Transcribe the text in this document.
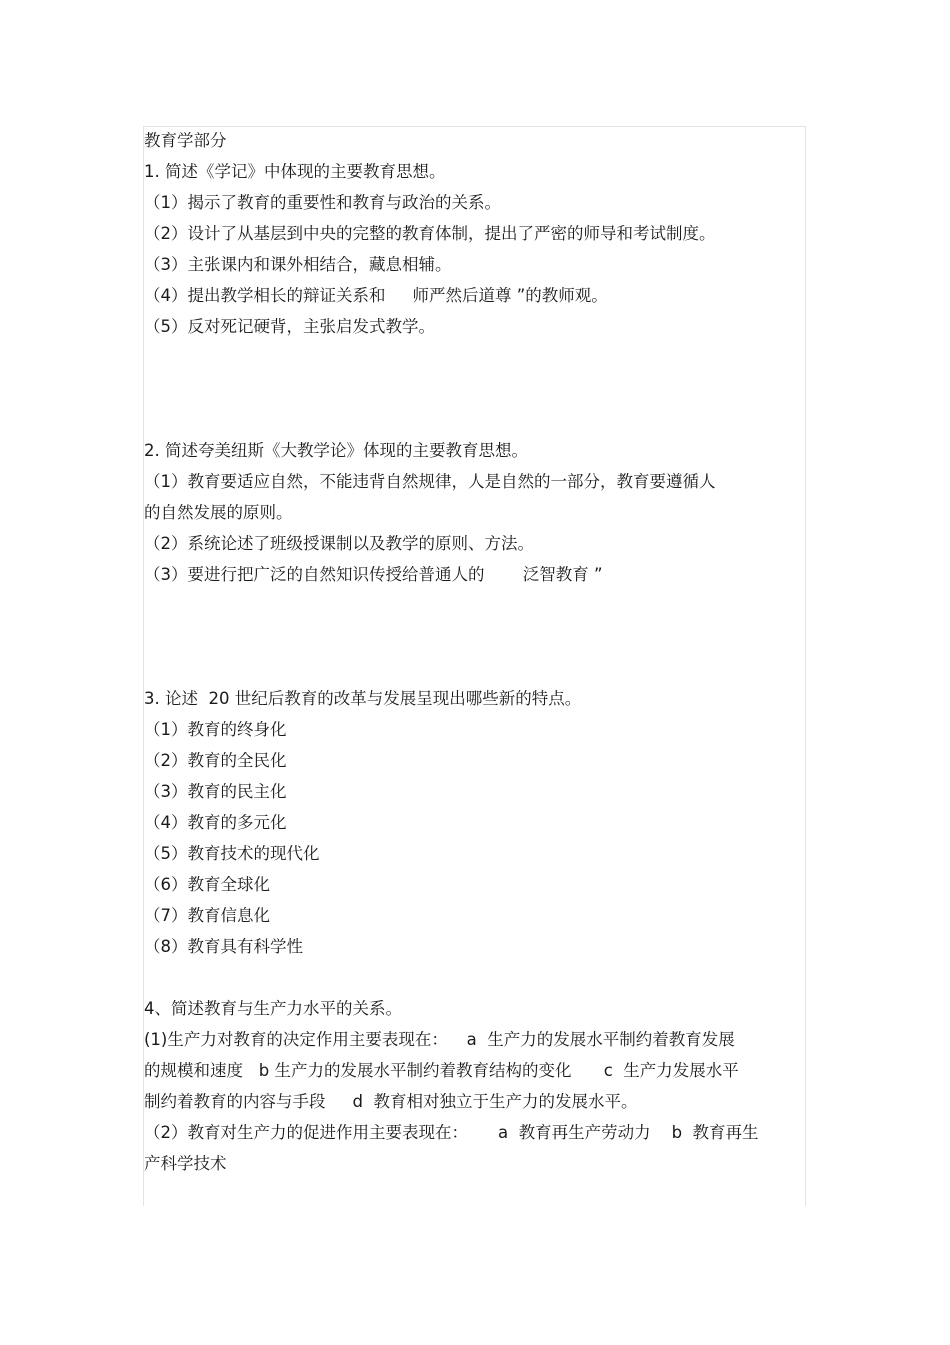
教育学部分

1. 简述《学记》中体现的主要教育思想。

（1）揭示了教育的重要性和教育与政治的关系。

（2）设计了从基层到中央的完整的教育体制，提出了严密的师导和考试制度。

（3）主张课内和课外相结合，藏息相辅。

（4）提出教学相长的辩证关系和　  师严然后道尊 ”的教师观。

（5）反对死记硬背，主张启发式教学。

2. 简述夸美纽斯《大教学论》体现的主要教育思想。

（1）教育要适应自然，不能违背自然规律，人是自然的一部分，教育要遵循人

的自然发展的原则。

（2）系统论述了班级授课制以及教学的原则、方法。

（3）要进行把广泛的自然知识传授给普通人的　　 泛智教育 ”

3. 论述  20 世纪后教育的改革与发展呈现出哪些新的特点。

（1）教育的终身化

（2）教育的全民化

（3）教育的民主化

（4）教育的多元化

（5）教育技术的现代化

（6）教育全球化

（7）教育信息化

（8）教育具有科学性

4、简述教育与生产力水平的关系。

(1)生产力对教育的决定作用主要表现在：　  a  生产力的发展水平制约着教育发展

的规模和速度   b 生产力的发展水平制约着教育结构的变化 　  c  生产力发展水平

制约着教育的内容与手段 　 d  教育相对独立于生产力的发展水平。

（2）教育对生产力的促进作用主要表现在：　　 a  教育再生产劳动力    b  教育再生

产科学技术
